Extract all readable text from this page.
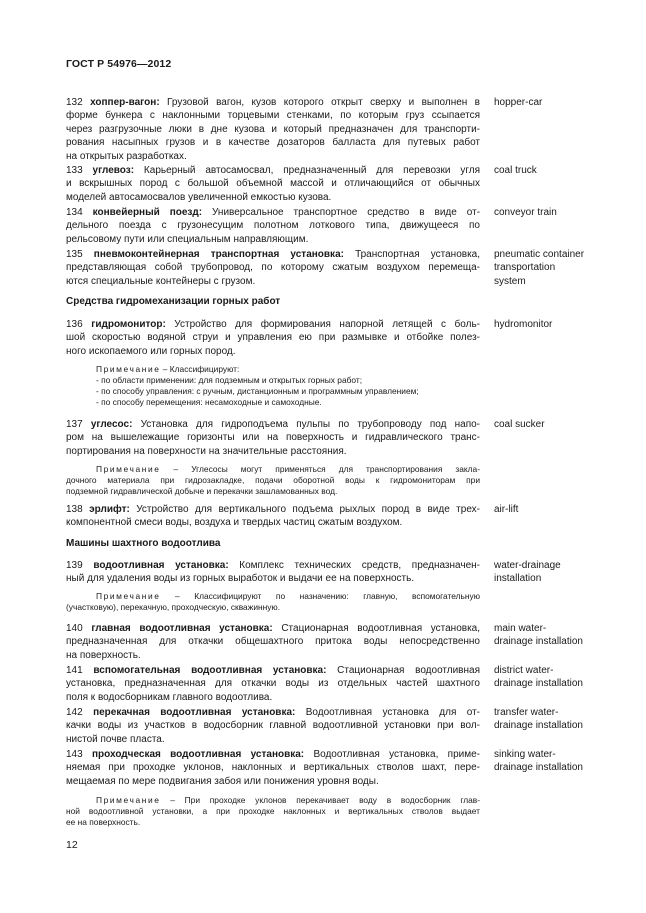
ГОСТ Р 54976—2012
132 хоппер-вагон: Грузовой вагон, кузов которого открыт сверху и выполнен в
форме бункера с наклонными торцевыми стенками, по которым груз ссыпается
через разгрузочные люки в дне кузова и который предназначен для транспорти-
рования насыпных грузов и в качестве дозаторов балласта для путевых работ
на открытых разработках.
hopper-car
133 углевоз: Карьерный автосамосвал, предназначенный для перевозки угля
и вскрышных пород с большой объемной массой и отличающийся от обычных
моделей автосамосвалов увеличенной емкостью кузова.
coal truck
134 конвейерный поезд: Универсальное транспортное средство в виде от-
дельного поезда с грузонесущим полотном лоткового типа, движущееся по
рельсовому пути или специальным направляющим.
conveyor train
135 пневмоконтейнерная транспортная установка: Транспортная установка,
представляющая собой трубопровод, по которому сжатым воздухом перемеща-
ются специальные контейнеры с грузом.
pneumatic container
transportation
system
Средства гидромеханизации горных работ
136 гидромонитор: Устройство для формирования напорной летящей с боль-
шой скоростью водяной струи и управления ею при размывке и отбойке полез-
ного ископаемого или горных пород.
hydromonitor
Примечание – Классифицируют:
- по области применении: для подземным и открытых горных работ;
- по способу управления: с ручным, дистанционным и программным управлением;
- по способу перемещения: несамоходные и самоходные.
137 углесос: Установка для гидроподъема пульпы по трубопроводу под напо-
ром на вышележащие горизонты или на поверхность и гидравлического транс-
портирования на поверхности на значительные расстояния.
coal sucker
Примечание – Углесосы могут применяться для транспортирования закла-
дочного материала при гидрозакладке, подачи оборотной воды к гидромониторам при
подземной гидравлической добыче и перекачки зашламованных вод.
138 эрлифт: Устройство для вертикального подъема рыхлых пород в виде трех-
компонентной смеси воды, воздуха и твердых частиц сжатым воздухом.
air-lift
Машины шахтного водоотлива
139 водоотливная установка: Комплекс технических средств, предназначен-
ный для удаления воды из горных выработок и выдачи ее на поверхность.
water-drainage
installation
Примечание – Классифицируют по назначению: главную, вспомогательную
(участковую), перекачную, проходческую, скважинную.
140 главная водоотливная установка: Стационарная водоотливная установка,
предназначенная для откачки общешахтного притока воды непосредственно
на поверхность.
main water-
drainage installation
141 вспомогательная водоотливная установка: Стационарная водоотливная
установка, предназначенная для откачки воды из отдельных частей шахтного
поля к водосборникам главного водоотлива.
district water-
drainage installation
142 перекачная водоотливная установка: Водоотливная установка для от-
качки воды из участков в водосборник главной водоотливной установки при вол-
нистой почве пласта.
transfer water-
drainage installation
143 проходческая водоотливная установка: Водоотливная установка, приме-
няемая при проходке уклонов, наклонных и вертикальных стволов шахт, пере-
мещаемая по мере подвигания забоя или понижения уровня воды.
sinking water-
drainage installation
Примечание – При проходке уклонов перекачивает воду в водосборник глав-
ной водоотливной установки, а при проходке наклонных и вертикальных стволов выдает
ее на поверхность.
12
